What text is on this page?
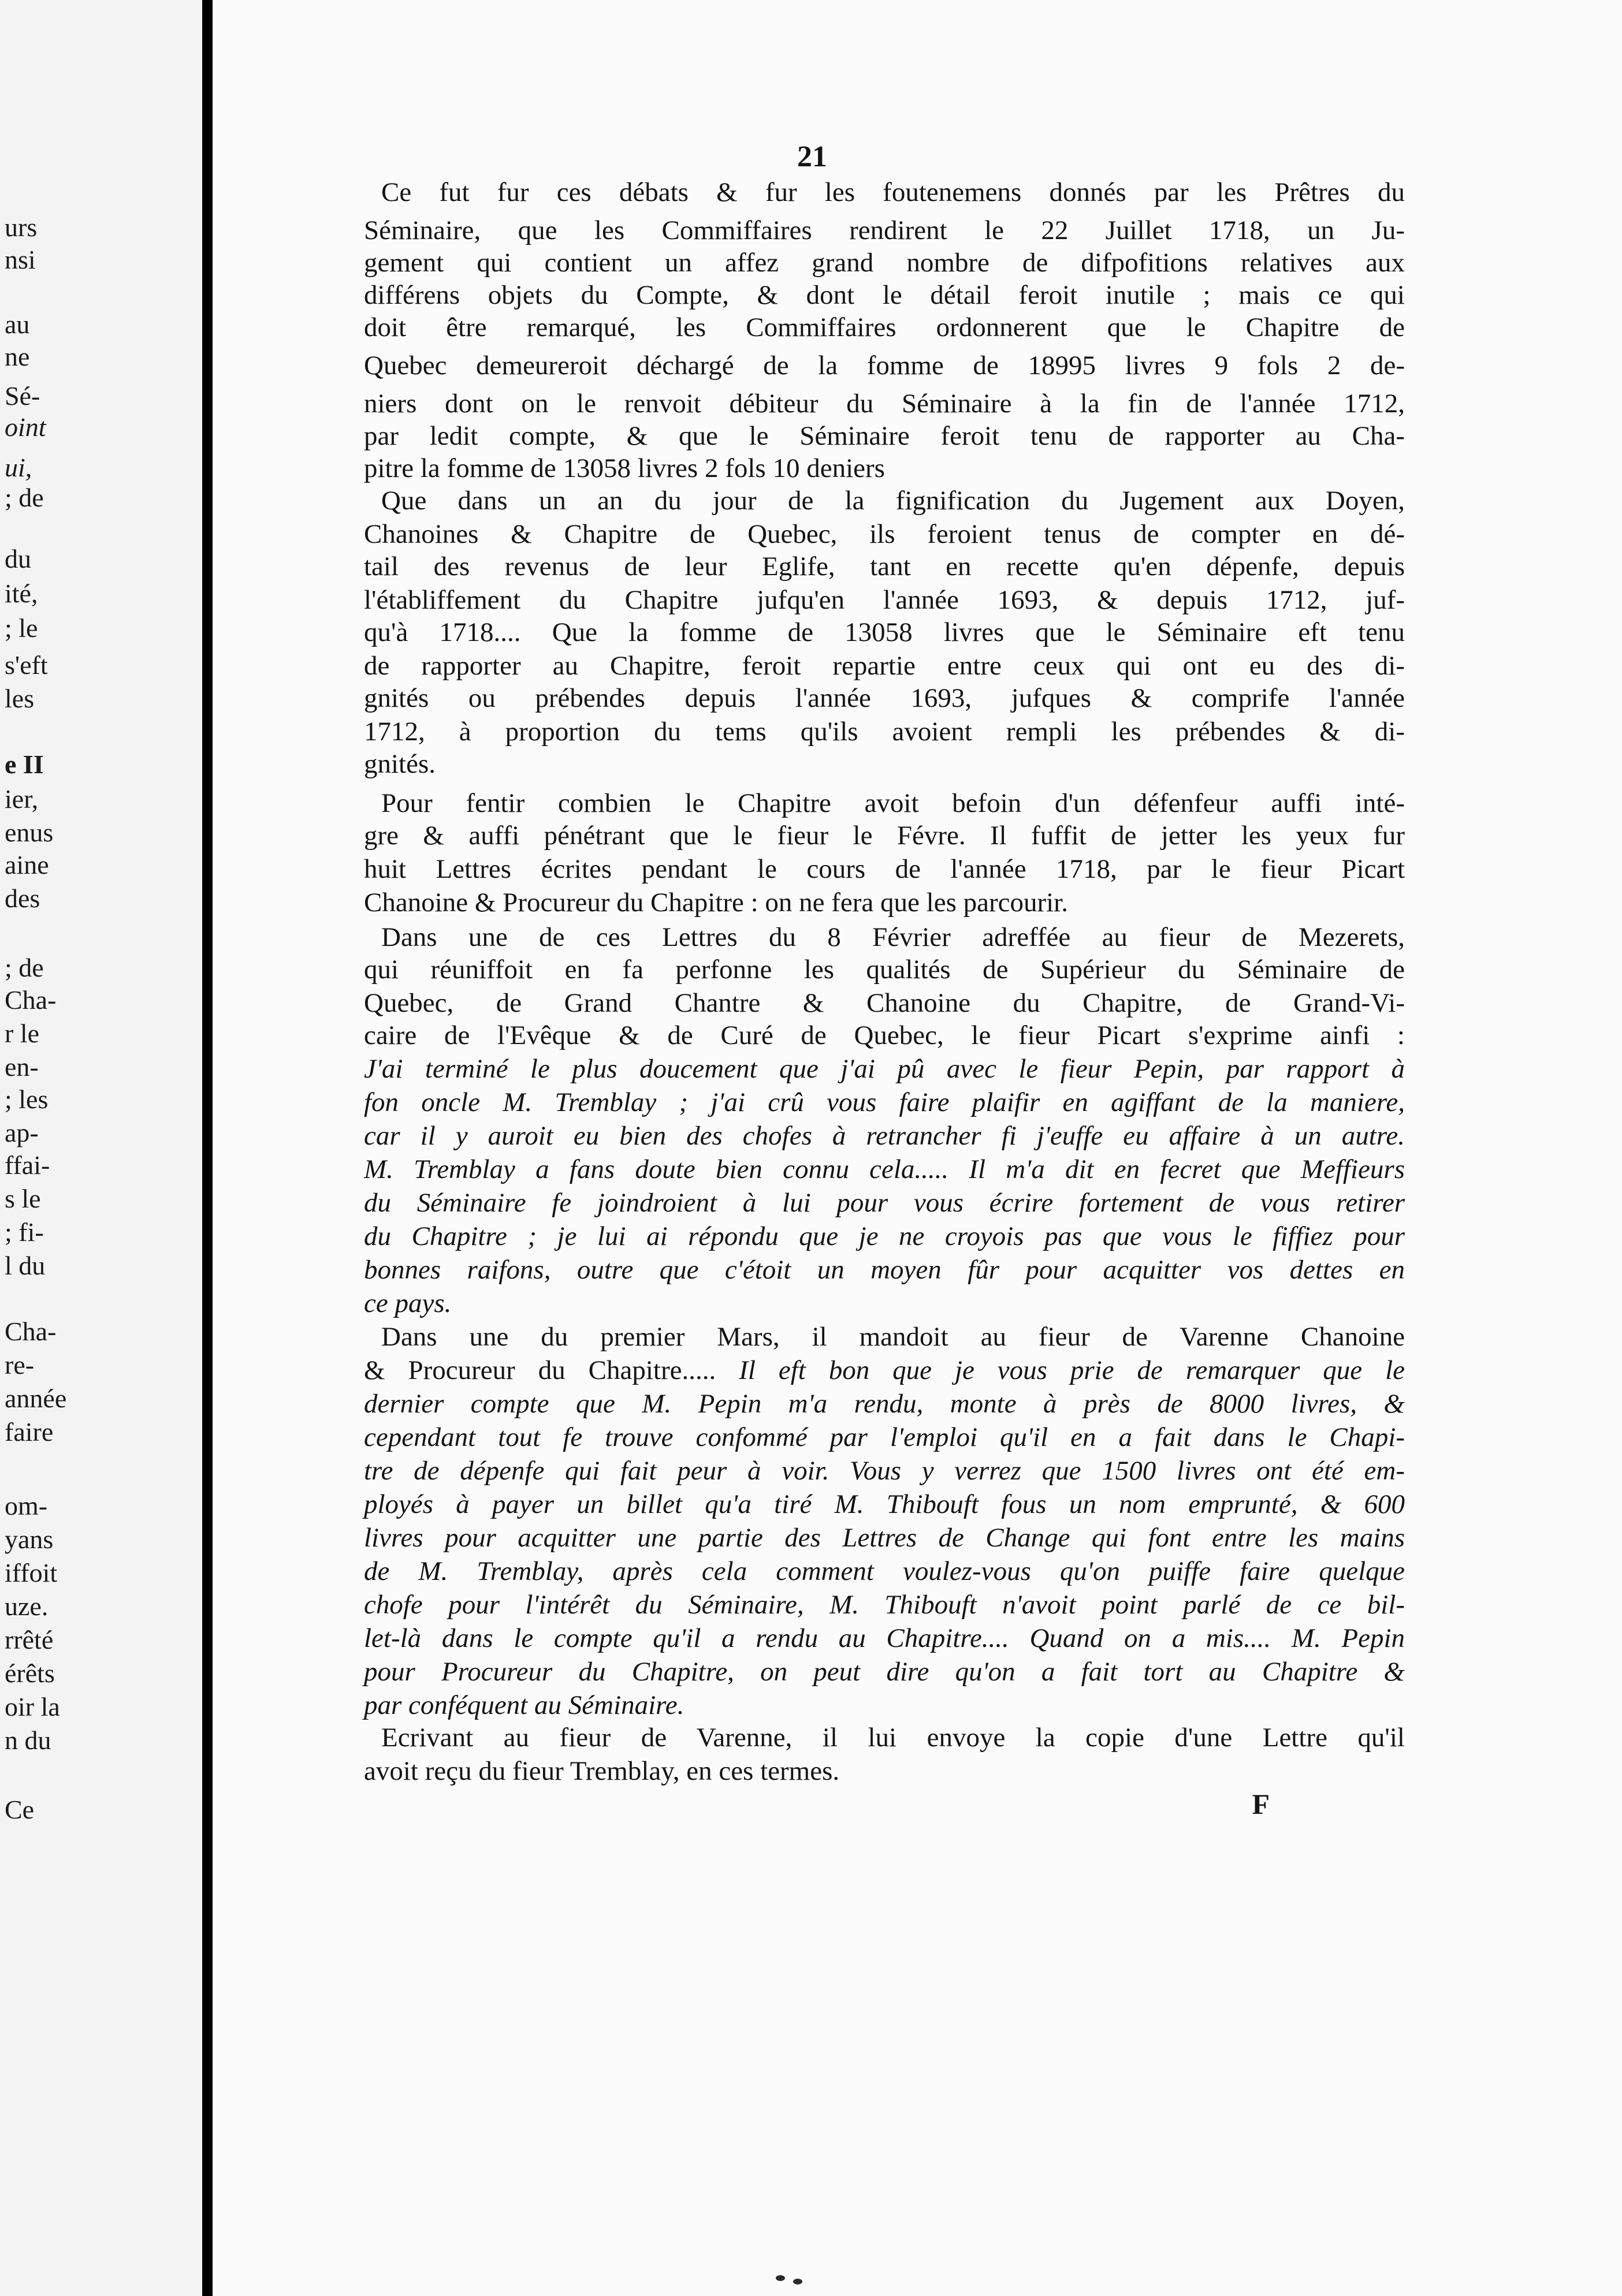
urs
nsi
au
ne
Sé-
oint
ui,
; de
du
ité,
; le
s'eft
les
e II
ier,
enus
aine
des
; de
Cha-
r le
en-
; les
ap-
ffai-
s le
; fi-
l du
Cha-
re-
année
faire
om-
yans
iffoit
uze.
rrêté
érêts
oir la
n du
Ce
21
Ce fut fur ces débats & fur les foutenemens donnés par les Prêtres du
Séminaire, que les Commiffaires rendirent le 22 Juillet 1718, un Ju-
gement qui contient un affez grand nombre de difpofitions relatives aux
différens objets du Compte, & dont le détail feroit inutile ; mais ce qui
doit être remarqué, les Commiffaires ordonnerent que le Chapitre de
Quebec demeureroit déchargé de la fomme de 18995 livres 9 fols 2 de-
niers dont on le renvoit débiteur du Séminaire à la fin de l'année 1712,
par ledit compte, & que le Séminaire feroit tenu de rapporter au Cha-
pitre la fomme de 13058 livres 2 fols 10 deniers
Que dans un an du jour de la fignification du Jugement aux Doyen,
Chanoines & Chapitre de Quebec, ils feroient tenus de compter en dé-
tail des revenus de leur Eglife, tant en recette qu'en dépenfe, depuis
l'établiffement du Chapitre jufqu'en l'année 1693, & depuis 1712, juf-
qu'à 1718.... Que la fomme de 13058 livres que le Séminaire eft tenu
de rapporter au Chapitre, feroit repartie entre ceux qui ont eu des di-
gnités ou prébendes depuis l'année 1693, jufques & comprife l'année
1712, à proportion du tems qu'ils avoient rempli les prébendes & di-
gnités.
Pour fentir combien le Chapitre avoit befoin d'un défenfeur auffi inté-
gre & auffi pénétrant que le fieur le Févre. Il fuffit de jetter les yeux fur
huit Lettres écrites pendant le cours de l'année 1718, par le fieur Picart
Chanoine & Procureur du Chapitre : on ne fera que les parcourir.
Dans une de ces Lettres du 8 Février adreffée au fieur de Mezerets,
qui réuniffoit en fa perfonne les qualités de Supérieur du Séminaire de
Quebec, de Grand Chantre & Chanoine du Chapitre, de Grand-Vi-
caire de l'Evêque & de Curé de Quebec, le fieur Picart s'exprime ainfi :
J'ai terminé le plus doucement que j'ai pû avec le fieur Pepin, par rapport à
fon oncle M. Tremblay ; j'ai crû vous faire plaifir en agiffant de la maniere,
car il y auroit eu bien des chofes à retrancher fi j'euffe eu affaire à un autre.
M. Tremblay a fans doute bien connu cela..... Il m'a dit en fecret que Meffieurs
du Séminaire fe joindroient à lui pour vous écrire fortement de vous retirer
du Chapitre ; je lui ai répondu que je ne croyois pas que vous le fiffiez pour
bonnes raifons, outre que c'étoit un moyen fûr pour acquitter vos dettes en
ce pays.
Dans une du premier Mars, il mandoit au fieur de Varenne Chanoine
& Procureur du Chapitre..... Il eft bon que je vous prie de remarquer que le
dernier compte que M. Pepin m'a rendu, monte à près de 8000 livres, &
cependant tout fe trouve confommé par l'emploi qu'il en a fait dans le Chapi-
tre de dépenfe qui fait peur à voir. Vous y verrez que 1500 livres ont été em-
ployés à payer un billet qu'a tiré M. Thibouft fous un nom emprunté, & 600
livres pour acquitter une partie des Lettres de Change qui font entre les mains
de M. Tremblay, après cela comment voulez-vous qu'on puiffe faire quelque
chofe pour l'intérêt du Séminaire, M. Thibouft n'avoit point parlé de ce bil-
let-là dans le compte qu'il a rendu au Chapitre.... Quand on a mis.... M. Pepin
pour Procureur du Chapitre, on peut dire qu'on a fait tort au Chapitre &
par conféquent au Séminaire.
Ecrivant au fieur de Varenne, il lui envoye la copie d'une Lettre qu'il
avoit reçu du fieur Tremblay, en ces termes.
F
